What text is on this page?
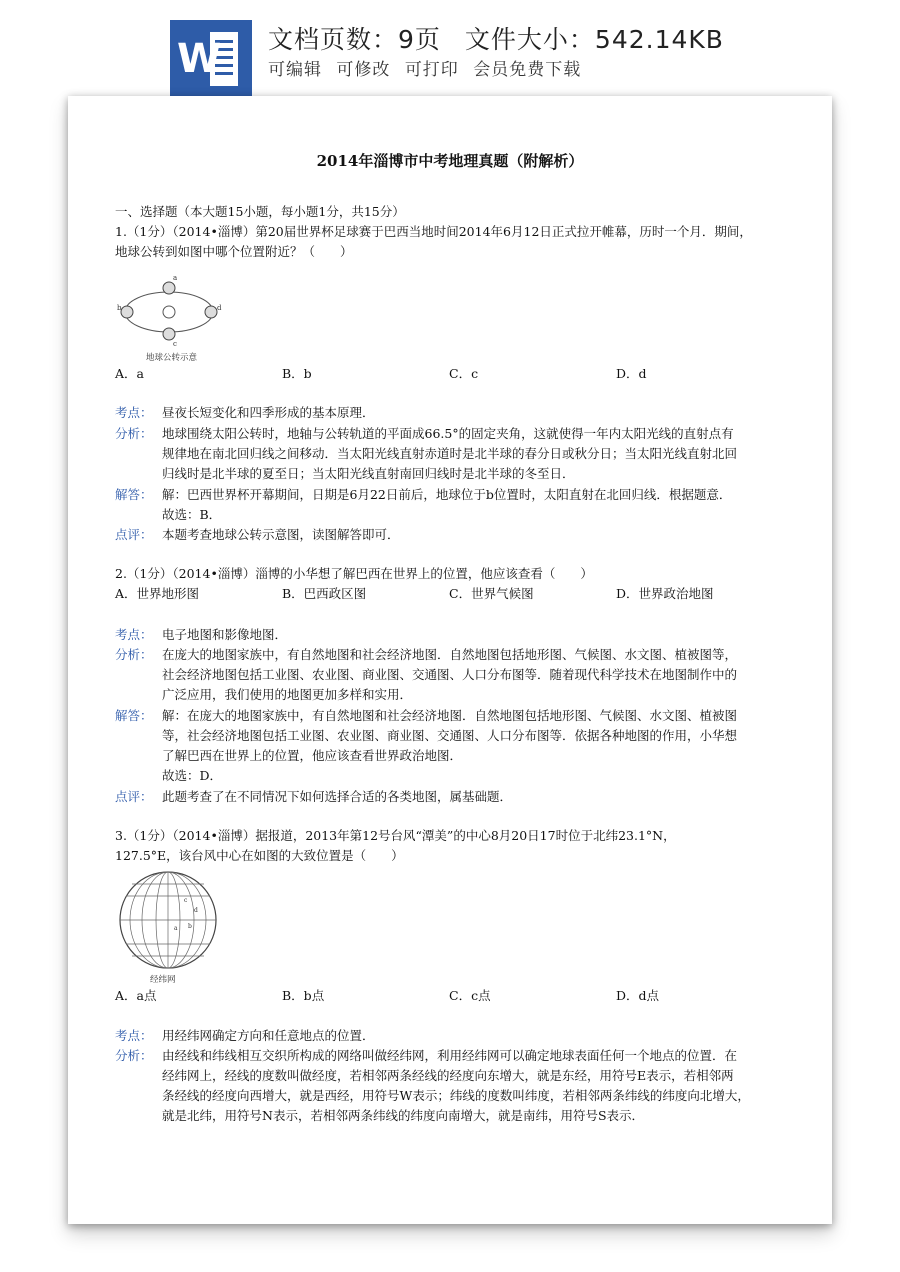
W 文档页数：9页 文件大小：542.14KB
可编辑 可修改 可打印 会员免费下载
2014年淄博市中考地理真题（附解析）
一、选择题（本大题15小题，每小题1分，共15分）
1.（1分）（2014•淄博）第20届世界杯足球赛于巴西当地时间2014年6月12日正式拉开帷幕，历时一个月．期间，
地球公转到如图中哪个位置附近？（　　）
a
b	d
c
地球公转示意
A．a	B．b	C．c	D．d
考点： 昼夜长短变化和四季形成的基本原理．
分析： 地球围绕太阳公转时，地轴与公转轨道的平面成66.5°的固定夹角，这就使得一年内太阳光线的直射点有
规律地在南北回归线之间移动．当太阳光线直射赤道时是北半球的春分日或秋分日；当太阳光线直射北回
归线时是北半球的夏至日；当太阳光线直射南回归线时是北半球的冬至日．
解答： 解：巴西世界杯开幕期间，日期是6月22日前后，地球位于b位置时，太阳直射在北回归线．根据题意．
故选：B．
点评： 本题考查地球公转示意图，读图解答即可．
2.（1分）（2014•淄博）淄博的小华想了解巴西在世界上的位置，他应该查看（　　）
A．世界地形图	B．巴西政区图	C．世界气候图	D．世界政治地图
考点： 电子地图和影像地图．
分析： 在庞大的地图家族中，有自然地图和社会经济地图．自然地图包括地形图、气候图、水文图、植被图等，
社会经济地图包括工业图、农业图、商业图、交通图、人口分布图等．随着现代科学技术在地图制作中的
广泛应用，我们使用的地图更加多样和实用．
解答： 解：在庞大的地图家族中，有自然地图和社会经济地图．自然地图包括地形图、气候图、水文图、植被图
等，社会经济地图包括工业图、农业图、商业图、交通图、人口分布图等．依据各种地图的作用，小华想
了解巴西在世界上的位置，他应该查看世界政治地图．
故选：D．
点评： 此题考查了在不同情况下如何选择合适的各类地图，属基础题．
3.（1分）（2014•淄博）据报道，2013年第12号台风“潭美”的中心8月20日17时位于北纬23.1°N，
127.5°E，该台风中心在如图的大致位置是（　　）
c
d
a b
经纬网
A．a点	B．b点	C．c点	D．d点
考点： 用经纬网确定方向和任意地点的位置．
分析： 由经线和纬线相互交织所构成的网络叫做经纬网，利用经纬网可以确定地球表面任何一个地点的位置．在
经纬网上，经线的度数叫做经度，若相邻两条经线的经度向东增大，就是东经，用符号E表示，若相邻两
条经线的经度向西增大，就是西经，用符号W表示；纬线的度数叫纬度，若相邻两条纬线的纬度向北增大，
就是北纬，用符号N表示，若相邻两条纬线的纬度向南增大，就是南纬，用符号S表示．
